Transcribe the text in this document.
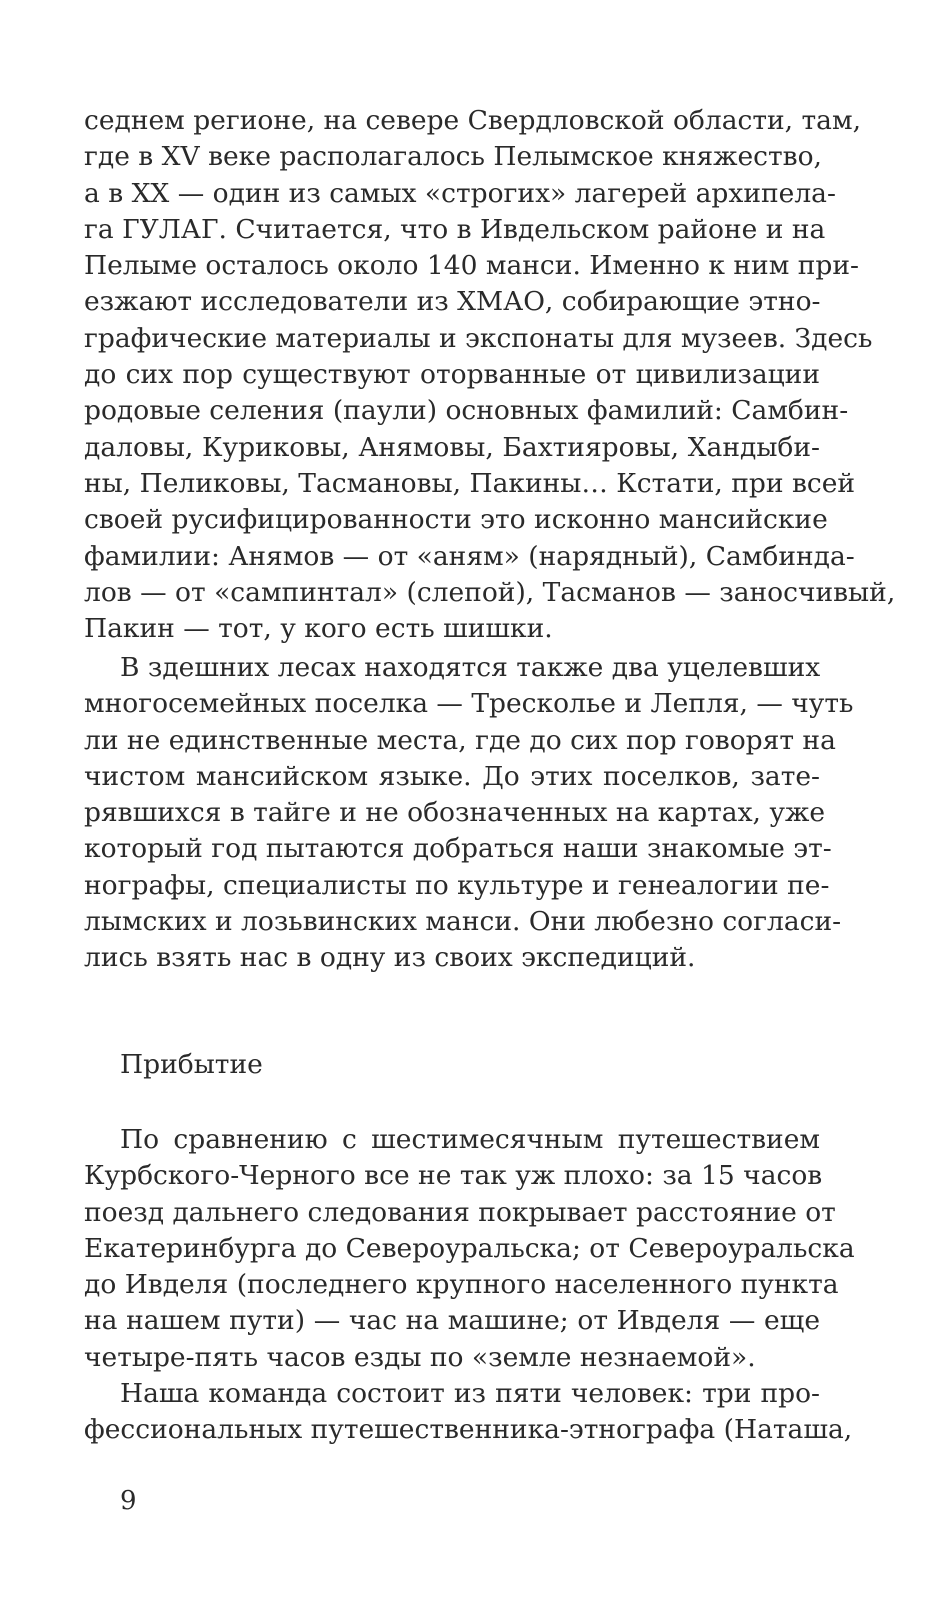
седнем регионе, на севере Свердловской области, там,
где в XV веке располагалось Пелымское княжество,
а в XX — один из самых «строгих» лагерей архипела-
га ГУЛАГ. Считается, что в Ивдельском районе и на
Пелыме осталось около 140 манси. Именно к ним при-
езжают исследователи из ХМАО, собирающие этно-
графические материалы и экспонаты для музеев. Здесь
до сих пор существуют оторванные от цивилизации
родовые селения (паули) основных фамилий: Самбин-
даловы, Куриковы, Анямовы, Бахтияровы, Хандыби-
ны, Пеликовы, Тасмановы, Пакины… Кстати, при всей
своей русифицированности это исконно мансийские
фамилии: Анямов — от «аням» (нарядный), Самбинда-
лов — от «сампинтал» (слепой), Тасманов — заносчивый,
Пакин — тот, у кого есть шишки.
В здешних лесах находятся также два уцелевших
многосемейных поселка — Тресколье и Лепля, — чуть
ли не единственные места, где до сих пор говорят на
чистом мансийском языке. До этих поселков, зате-
рявшихся в тайге и не обозначенных на картах, уже
который год пытаются добраться наши знакомые эт-
нографы, специалисты по культуре и генеалогии пе-
лымских и лозьвинских манси. Они любезно согласи-
лись взять нас в одну из своих экспедиций.
Прибытие
По сравнению с шестимесячным путешествием
Курбского-Черного все не так уж плохо: за 15 часов
поезд дальнего следования покрывает расстояние от
Екатеринбурга до Североуральска; от Североуральска
до Ивделя (последнего крупного населенного пункта
на нашем пути) — час на машине; от Ивделя — еще
четыре-пять часов езды по «земле незнаемой».
Наша команда состоит из пяти человек: три про-
фессиональных путешественника-этнографа (Наташа,
9
